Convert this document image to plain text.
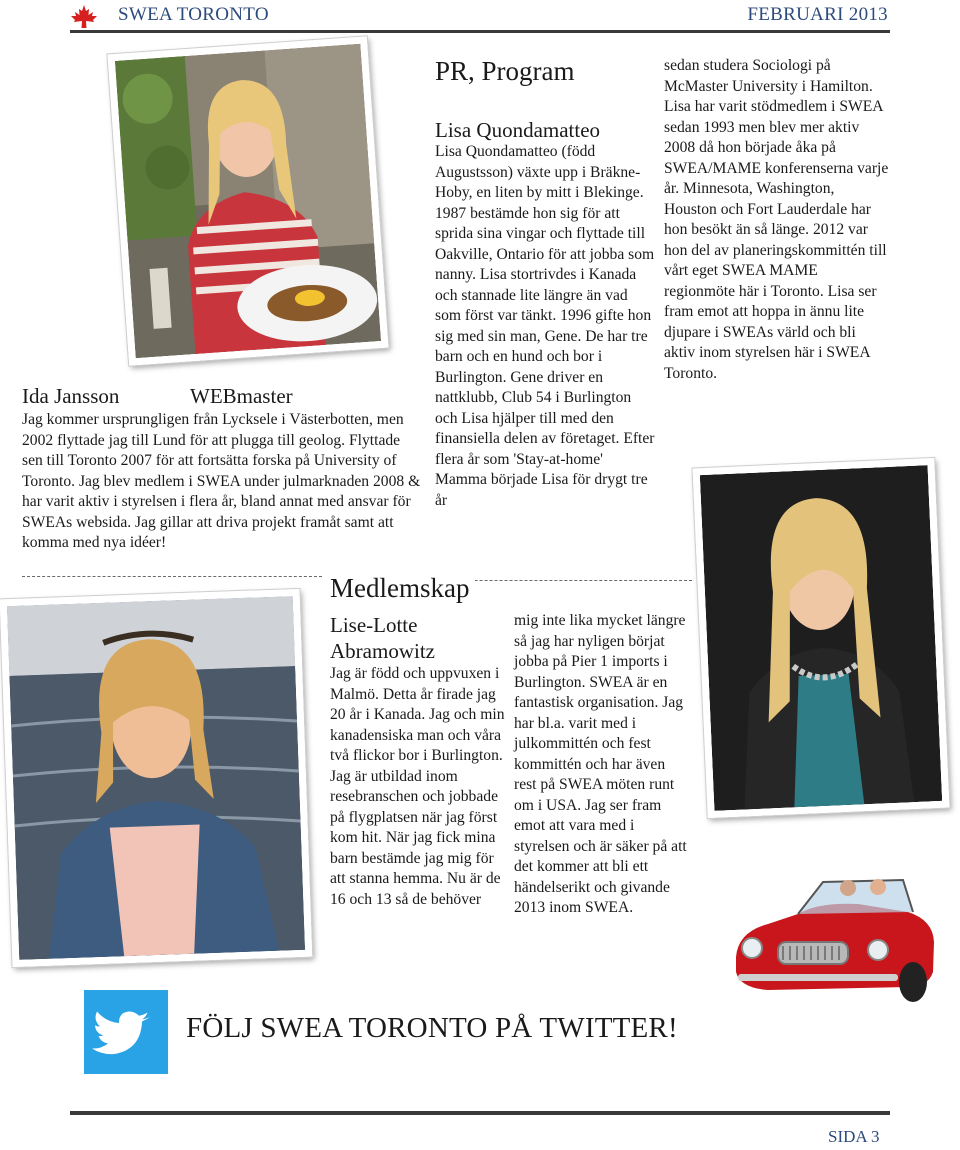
SWEA TORONTO	FEBRUARI 2013
Ida Jansson	WEBmaster
Jag kommer ursprungligen från Lycksele i Västerbotten, men 2002 flyttade jag till Lund för att plugga till geolog. Flyttade sen till Toronto 2007 för att fortsätta forska på University of Toronto. Jag blev medlem i SWEA under julmarknaden 2008 & har varit aktiv i styrelsen i flera år, bland annat med ansvar för SWEAs websida. Jag gillar att driva projekt framåt samt att komma med nya idéer!
PR, Program
Lisa Quondamatteo
Lisa Quondamatteo (född Augustsson) växte upp i Bräkne-Hoby, en liten by mitt i Blekinge. 1987 bestämde hon sig för att sprida sina vingar och flyttade till Oakville, Ontario för att jobba som nanny. Lisa stortrivdes i Kanada och stannade lite längre än vad som först var tänkt. 1996 gifte hon sig med sin man, Gene. De har tre barn och en hund och bor i Burlington. Gene driver en nattklubb, Club 54 i Burlington och Lisa hjälper till med den finansiella delen av företaget. Efter flera år som 'Stay-at-home' Mamma började Lisa för drygt tre år
sedan studera Sociologi på McMaster University i Hamilton. Lisa har varit stödmedlem i SWEA sedan 1993 men blev mer aktiv 2008 då hon började åka på SWEA/MAME konferenserna varje år. Minnesota, Washington, Houston och Fort Lauderdale har hon besökt än så länge. 2012 var hon del av planeringskommittén till vårt eget SWEA MAME regionmöte här i Toronto. Lisa ser fram emot att hoppa in ännu lite djupare i SWEAs värld och bli aktiv inom styrelsen här i SWEA Toronto.
Medlemskap
Lise-Lotte Abramowitz
Jag är född och uppvuxen i Malmö. Detta år firade jag 20 år i Kanada. Jag och min kanadensiska man och våra två flickor bor i Burlington. Jag är utbildad inom resebranschen och jobbade på flygplatsen när jag först kom hit. När jag fick mina barn bestämde jag mig för att stanna hemma. Nu är de 16 och 13 så de behöver
mig inte lika mycket längre så jag har nyligen börjat jobba på Pier 1 imports i Burlington. SWEA är en fantastisk organisation. Jag har bl.a. varit med i julkommittén och fest kommittén och har även rest på SWEA möten runt om i USA. Jag ser fram emot att vara med i styrelsen och är säker på att det kommer att bli ett händelserikt och givande 2013 inom SWEA.
FÖLJ SWEA TORONTO PÅ TWITTER!
SIDA 3
